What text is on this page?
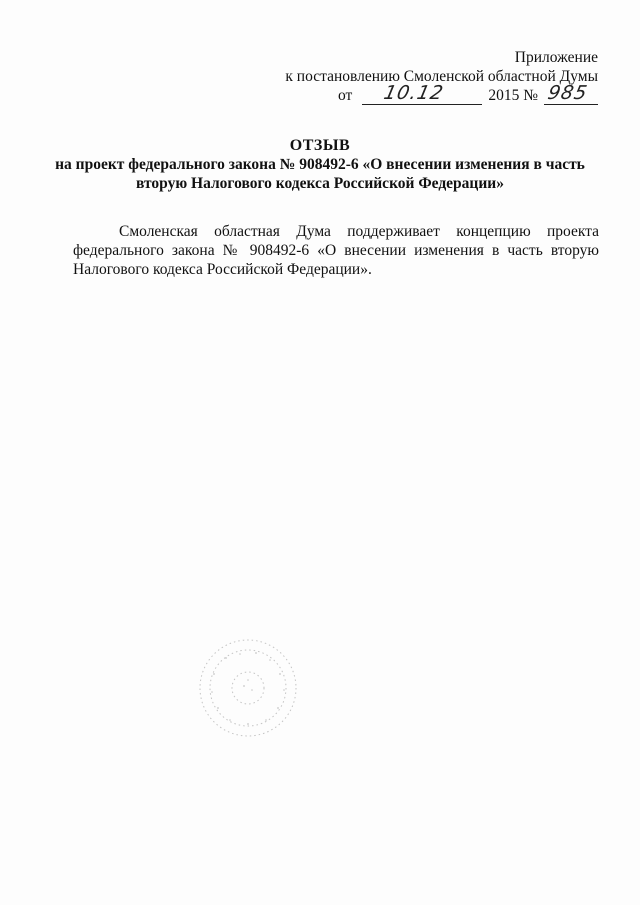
Приложение
к постановлению Смоленской областной Думы
от 10.12	2015 № 985
ОТЗЫВ
на проект федерального закона № 908492-6 «О внесении изменения в часть
вторую Налогового кодекса Российской Федерации»
Смоленская областная Дума поддерживает концепцию проекта федерального закона № 908492-6 «О внесении изменения в часть вторую Налогового кодекса Российской Федерации».
